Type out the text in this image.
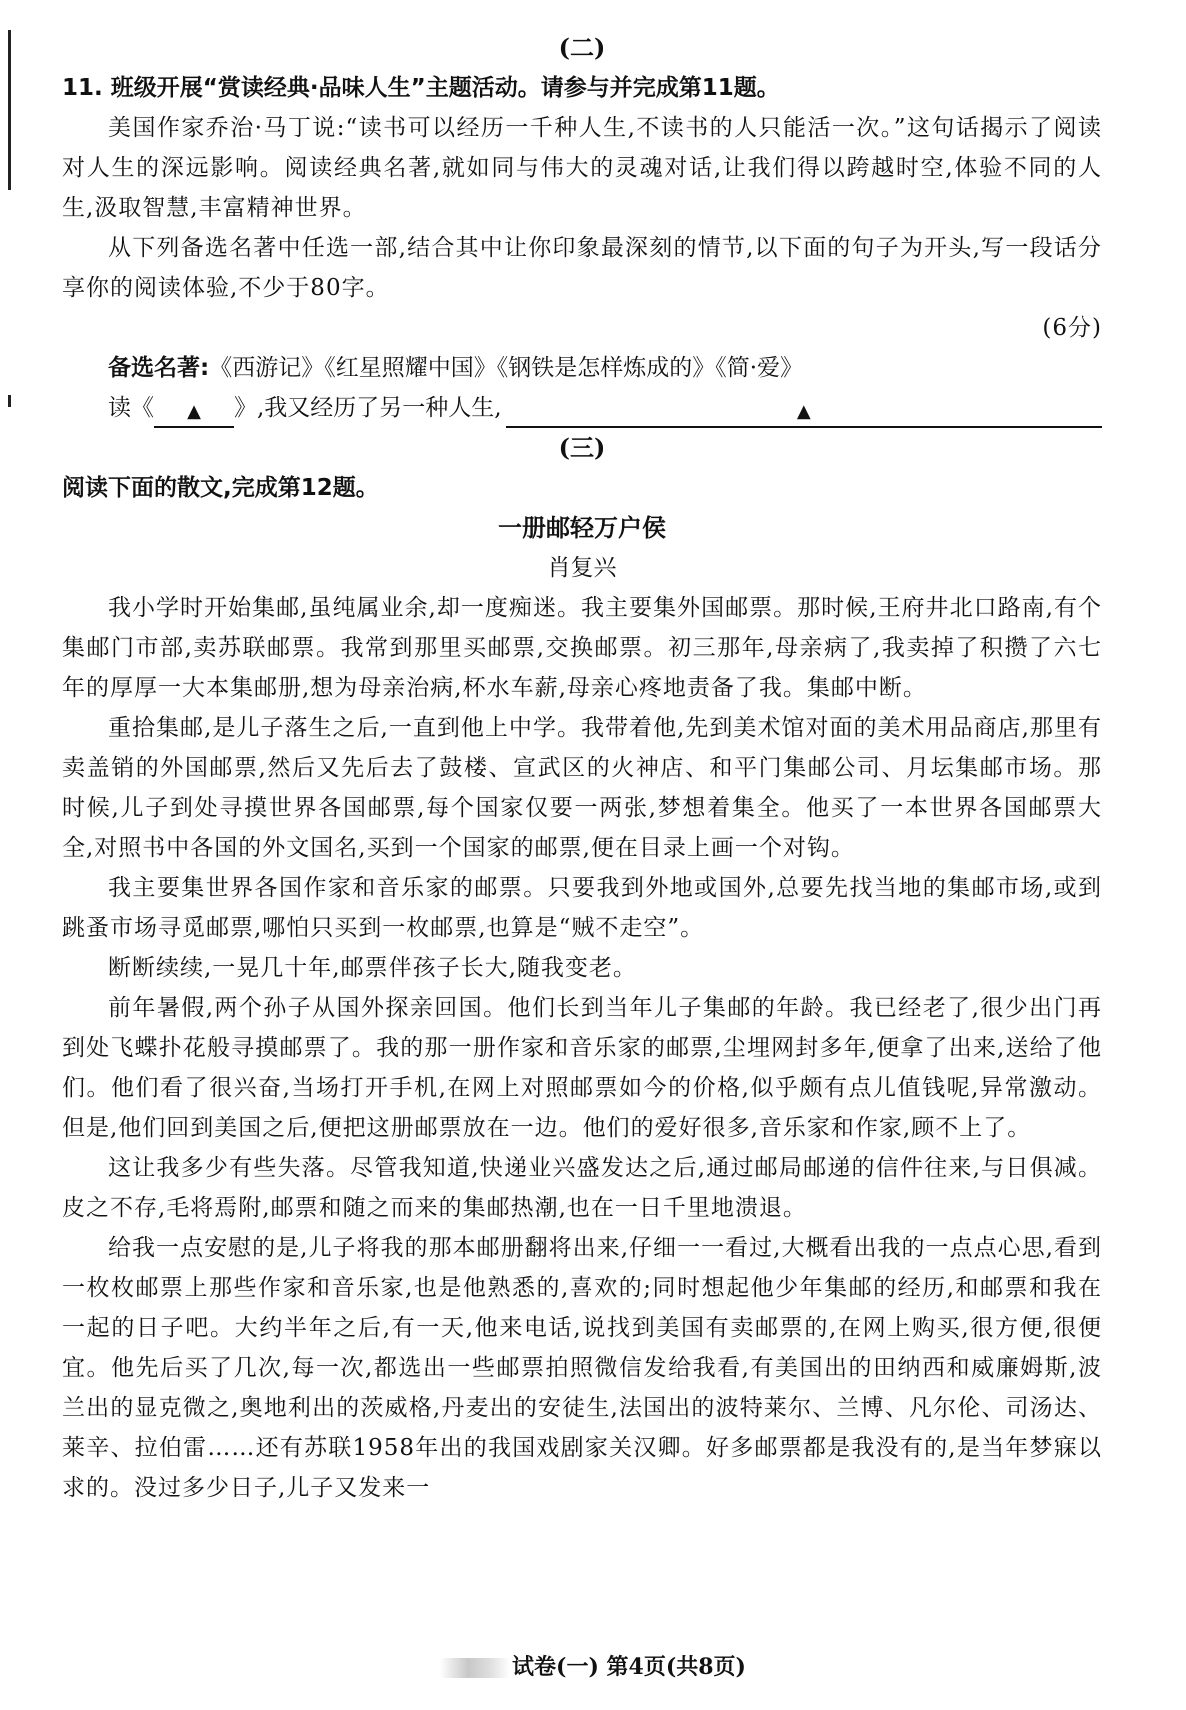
(二)
11. 班级开展“赏读经典·品味人生”主题活动。请参与并完成第11题。

美国作家乔治·马丁说:“读书可以经历一千种人生,不读书的人只能活一次。”这句话揭示了阅读对人生的深远影响。阅读经典名著,就如同与伟大的灵魂对话,让我们得以跨越时空,体验不同的人生,汲取智慧,丰富精神世界。

从下列备选名著中任选一部,结合其中让你印象最深刻的情节,以下面的句子为开头,写一段话分享你的阅读体验,不少于80字。

(6分)
备选名著:《西游记》《红星照耀中国》《钢铁是怎样炼成的》《简·爱》
读《	▲	》,我又经历了另一种人生,	▲
(三)
阅读下面的散文,完成第12题。
一册邮轻万户侯
肖复兴

我小学时开始集邮,虽纯属业余,却一度痴迷。我主要集外国邮票。那时候,王府井北口路南,有个集邮门市部,卖苏联邮票。我常到那里买邮票,交换邮票。初三那年,母亲病了,我卖掉了积攒了六七年的厚厚一大本集邮册,想为母亲治病,杯水车薪,母亲心疼地责备了我。集邮中断。

重拾集邮,是儿子落生之后,一直到他上中学。我带着他,先到美术馆对面的美术用品商店,那里有卖盖销的外国邮票,然后又先后去了鼓楼、宣武区的火神店、和平门集邮公司、月坛集邮市场。那时候,儿子到处寻摸世界各国邮票,每个国家仅要一两张,梦想着集全。他买了一本世界各国邮票大全,对照书中各国的外文国名,买到一个国家的邮票,便在目录上画一个对钩。

我主要集世界各国作家和音乐家的邮票。只要我到外地或国外,总要先找当地的集邮市场,或到跳蚤市场寻觅邮票,哪怕只买到一枚邮票,也算是“贼不走空”。

断断续续,一晃几十年,邮票伴孩子长大,随我变老。

前年暑假,两个孙子从国外探亲回国。他们长到当年儿子集邮的年龄。我已经老了,很少出门再到处飞蝶扑花般寻摸邮票了。我的那一册作家和音乐家的邮票,尘埋网封多年,便拿了出来,送给了他们。他们看了很兴奋,当场打开手机,在网上对照邮票如今的价格,似乎颇有点儿值钱呢,异常激动。但是,他们回到美国之后,便把这册邮票放在一边。他们的爱好很多,音乐家和作家,顾不上了。

这让我多少有些失落。尽管我知道,快递业兴盛发达之后,通过邮局邮递的信件往来,与日俱减。皮之不存,毛将焉附,邮票和随之而来的集邮热潮,也在一日千里地溃退。

给我一点安慰的是,儿子将我的那本邮册翻将出来,仔细一一看过,大概看出我的一点点心思,看到一枚枚邮票上那些作家和音乐家,也是他熟悉的,喜欢的;同时想起他少年集邮的经历,和邮票和我在一起的日子吧。大约半年之后,有一天,他来电话,说找到美国有卖邮票的,在网上购买,很方便,很便宜。他先后买了几次,每一次,都选出一些邮票拍照微信发给我看,有美国出的田纳西和威廉姆斯,波兰出的显克微之,奥地利出的茨威格,丹麦出的安徒生,法国出的波特莱尔、兰博、凡尔伦、司汤达、莱辛、拉伯雷……还有苏联1958年出的我国戏剧家关汉卿。好多邮票都是我没有的,是当年梦寐以求的。没过多少日子,儿子又发来一

试卷(一) 第4页(共8页)
